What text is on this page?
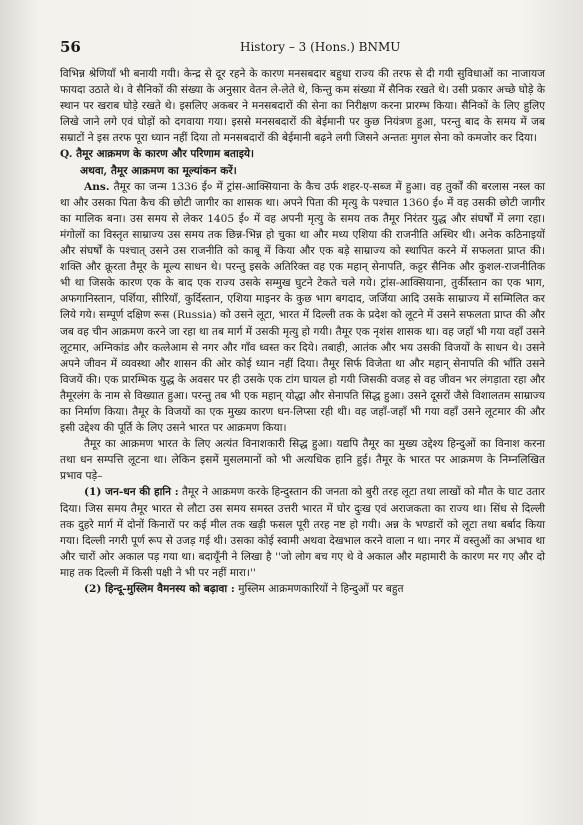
56	History – 3 (Hons.) BNMU

विभिन्न श्रेणियाँ भी बनायी गयी। केन्द्र से दूर रहने के कारण मनसबदार बहुधा राज्य की तरफ से दी गयी सुविधाओं का नाजायज फायदा उठाते थे। वे सैनिकों की संख्या के अनुसार वेतन ले-लेते थे, किन्तु कम संख्या में सैनिक रखते थे। उसी प्रकार अच्छे घोड़े के स्थान पर खराब घोड़े रखते थे। इसलिए अकबर ने मनसबदारों की सेना का निरीक्षण करना प्रारम्भ किया। सैनिकों के लिए हुलिए लिखे जाने लगे एवं घोड़ों को दगवाया गया। इससे मनसबदारों की बेईमानी पर कुछ नियंत्रण हुआ, परन्तु बाद के समय में जब सम्राटों ने इस तरफ पूरा ध्यान नहीं दिया तो मनसबदारों की बेईमानी बढ़ने लगी जिसने अन्ततः मुगल सेना को कमजोर कर दिया।

Q. तैमूर आक्रमण के कारण और परिणाम बताइये।

अथवा, तैमूर आक्रमण का मूल्यांकन करें।

Ans. तैमूर का जन्म 1336 ई० में ट्रांस-आक्सियाना के कैच उर्फ शहर-ए-सब्ज में हुआ। वह तुर्कों की बरलास नस्ल का था और उसका पिता कैच की छोटी जागीर का शासक था। अपने पिता की मृत्यु के पश्चात 1360 ई० में वह उसकी छोटी जागीर का मालिक बना। उस समय से लेकर 1405 ई० में वह अपनी मृत्यु के समय तक तैमूर निरंतर युद्ध और संघर्षों में लगा रहा। मंगोलों का विस्तृत साम्राज्य उस समय तक छिन्न-भिन्न हो चुका था और मध्य एशिया की राजनीति अस्थिर थी। अनेक कठिनाइयों और संघर्षों के पश्चात् उसने उस राजनीति को काबू में किया और एक बड़े साम्राज्य को स्थापित करने में सफलता प्राप्त की। शक्ति और क्रूरता तैमूर के मूल्य साधन थे। परन्तु इसके अतिरिक्त वह एक महान् सेनापति, कट्टर सैनिक और कुशल-राजनीतिक भी था जिसके कारण एक के बाद एक राज्य उसके सम्मुख घुटने टेकते चले गये। ट्रांस-आक्सियाना, तुर्कीस्तान का एक भाग, अफगानिस्तान, पर्शिया, सीरियाँ, कुर्दिस्तान, एशिया माइनर के कुछ भाग बगदाद, जर्जिया आदि उसके साम्राज्य में सम्मिलित कर लिये गये। सम्पूर्ण दक्षिण रूस (Russia) को उसने लूटा, भारत में दिल्ली तक के प्रदेश को लूटने में उसने सफलता प्राप्त की और जब वह चीन आक्रमण करने जा रहा था तब मार्ग में उसकी मृत्यु हो गयी। तैमूर एक नृशंस शासक था। वह जहाँ भी गया वहाँ उसने लूटमार, अग्निकांड और कत्लेआम से नगर और गाँव ध्वस्त कर दिये। तबाही, आतंक और भय उसकी विजयों के साधन थे। उसने अपने जीवन में व्यवस्था और शासन की ओर कोई ध्यान नहीं दिया। तैमूर सिर्फ विजेता था और महान् सेनापति की भाँति उसने विजयें की। एक प्रारम्भिक युद्ध के अवसर पर ही उसके एक टांग घायल हो गयी जिसकी वजह से वह जीवन भर लंगड़ाता रहा और तैमूरलंग के नाम से विख्यात हुआ। परन्तु तब भी एक महान् योद्धा और सेनापति सिद्ध हुआ। उसने दूसरों जैसे विशालतम साम्राज्य का निर्माण किया। तैमूर के विजयों का एक मुख्य कारण धन-लिप्सा रही थी। वह जहाँ-जहाँ भी गया वहाँ उसने लूटमार की और इसी उद्देश्य की पूर्ति के लिए उसने भारत पर आक्रमण किया।

तैमूर का आक्रमण भारत के लिए अत्यंत विनाशकारी सिद्ध हुआ। यद्यपि तैमूर का मुख्य उद्देश्य हिन्दुओं का विनाश करना तथा धन सम्पत्ति लूटना था। लेकिन इसमें मुसलमानों को भी अत्यधिक हानि हुई। तैमूर के भारत पर आक्रमण के निम्नलिखित प्रभाव पड़े–

(1) जन-धन की हानि : तैमूर ने आक्रमण करके हिन्दुस्तान की जनता को बुरी तरह लूटा तथा लाखों को मौत के घाट उतार दिया। जिस समय तैमूर भारत से लौटा उस समय समस्त उत्तरी भारत में घोर दुःख एवं अराजकता का राज्य था। सिंध से दिल्ली तक दुहरे मार्ग में दोनों किनारों पर कई मील तक खड़ी फसल पूरी तरह नष्ट हो गयी। अन्न के भण्डारों को लूटा तथा बर्बाद किया गया। दिल्ली नगरी पूर्ण रूप से उजड़ गई थी। उसका कोई स्वामी अथवा देखभाल करने वाला न था। नगर में वस्तुओं का अभाव था और चारों ओर अकाल पड़ गया था। बदायूँनी ने लिखा है ''जो लोग बच गए थे वे अकाल और महामारी के कारण मर गए और दो माह तक दिल्ली में किसी पक्षी ने भी पर नहीं मारा।''

(2) हिन्दू-मुस्लिम वैमनस्य को बढ़ावा : मुस्लिम आक्रमणकारियों ने हिन्दुओं पर बहुत
